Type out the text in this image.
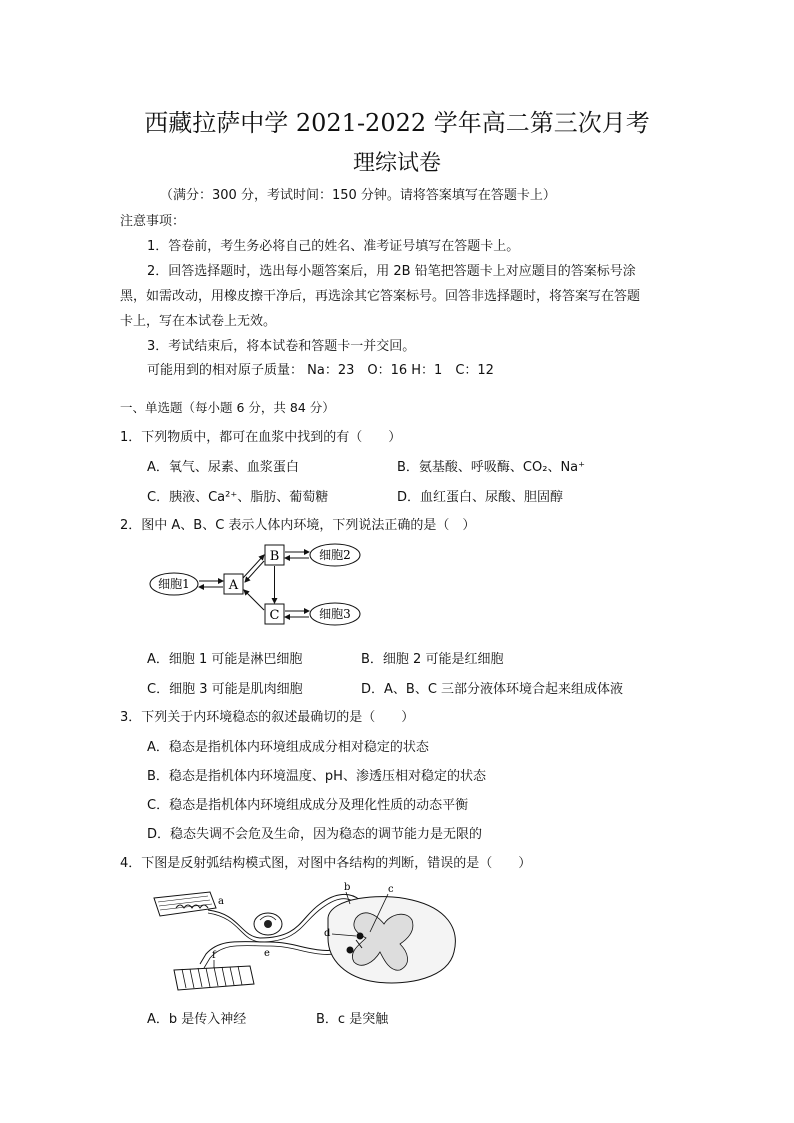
西藏拉萨中学 2021-2022 学年高二第三次月考
理综试卷
（满分：300 分，考试时间：150 分钟。请将答案填写在答题卡上）
注意事项：
1．答卷前，考生务必将自己的姓名、准考证号填写在答题卡上。
2．回答选择题时，选出每小题答案后，用 2B 铅笔把答题卡上对应题目的答案标号涂
黑，如需改动，用橡皮擦干净后，再选涂其它答案标号。回答非选择题时，将答案写在答题
卡上，写在本试卷上无效。
3．考试结束后，将本试卷和答题卡一并交回。
可能用到的相对原子质量： Na：23　O：16 H：1　C：12
一、单选题（每小题 6 分，共 84 分）
1．下列物质中，都可在血浆中找到的有（　　）
A．氧气、尿素、血浆蛋白	B．氨基酸、呼吸酶、CO₂、Na⁺
C．胰液、Ca²⁺、脂肪、葡萄糖	D．血红蛋白、尿酸、胆固醇
2．图中 A、B、C 表示人体内环境，下列说法正确的是（　）
细胞1	A
B
C
细胞2
细胞3
A．细胞 1 可能是淋巴细胞	B．细胞 2 可能是红细胞
C．细胞 3 可能是肌肉细胞	D．A、B、C 三部分液体环境合起来组成体液
3．下列关于内环境稳态的叙述最确切的是（　　）
A．稳态是指机体内环境组成成分相对稳定的状态
B．稳态是指机体内环境温度、pH、渗透压相对稳定的状态
C．稳态是指机体内环境组成成分及理化性质的动态平衡
D．稳态失调不会危及生命，因为稳态的调节能力是无限的
4．下图是反射弧结构模式图，对图中各结构的判断，错误的是（　　）
a
e
f
b	c
d
A．b 是传入神经	B．c 是突触
